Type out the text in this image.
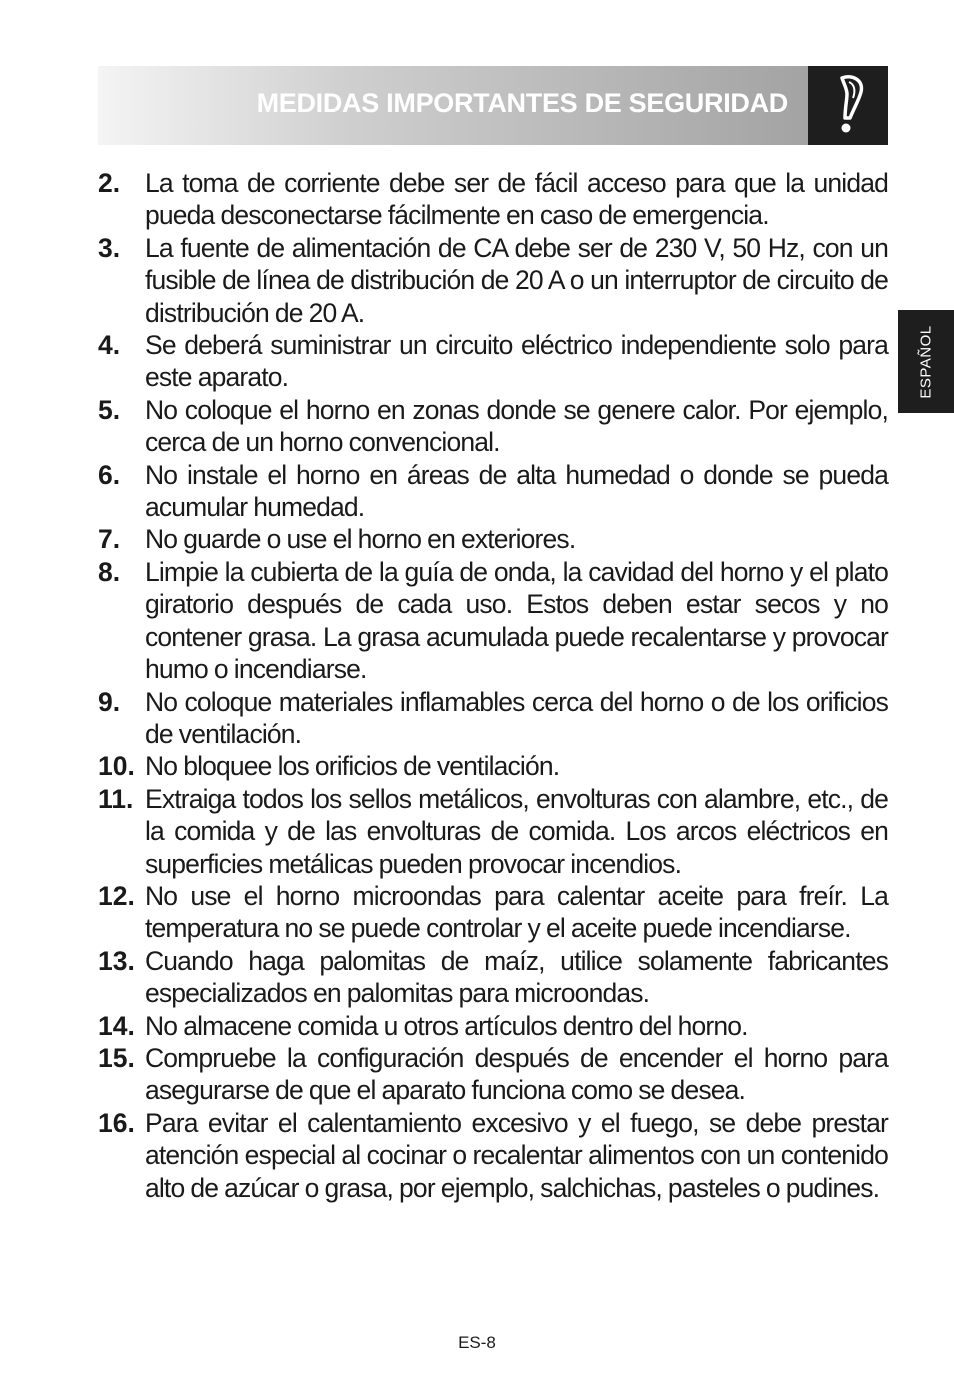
MEDIDAS IMPORTANTES DE SEGURIDAD
ESPAÑOL
2. La toma de corriente debe ser de fácil acceso para que la unidad pueda desconectarse fácilmente en caso de emergencia.
3. La fuente de alimentación de CA debe ser de 230 V, 50 Hz, con un fusible de línea de distribución de 20 A o un interruptor de circuito de distribución de 20 A.
4. Se deberá suministrar un circuito eléctrico independiente solo para este aparato.
5. No coloque el horno en zonas donde se genere calor. Por ejemplo, cerca de un horno convencional.
6. No instale el horno en áreas de alta humedad o donde se pueda acumular humedad.
7. No guarde o use el horno en exteriores.
8. Limpie la cubierta de la guía de onda, la cavidad del horno y el plato giratorio después de cada uso. Estos deben estar secos y no contener grasa. La grasa acumulada puede recalentarse y provocar humo o incendiarse.
9. No coloque materiales inflamables cerca del horno o de los orificios de ventilación.
10. No bloquee los orificios de ventilación.
11. Extraiga todos los sellos metálicos, envolturas con alambre, etc., de la comida y de las envolturas de comida. Los arcos eléctricos en superficies metálicas pueden provocar incendios.
12. No use el horno microondas para calentar aceite para freír. La temperatura no se puede controlar y el aceite puede incendiarse.
13. Cuando haga palomitas de maíz, utilice solamente fabricantes especializados en palomitas para microondas.
14. No almacene comida u otros artículos dentro del horno.
15. Compruebe la configuración después de encender el horno para asegurarse de que el aparato funciona como se desea.
16. Para evitar el calentamiento excesivo y el fuego, se debe prestar atención especial al cocinar o recalentar alimentos con un contenido alto de azúcar o grasa, por ejemplo, salchichas, pasteles o pudines.
ES-8
